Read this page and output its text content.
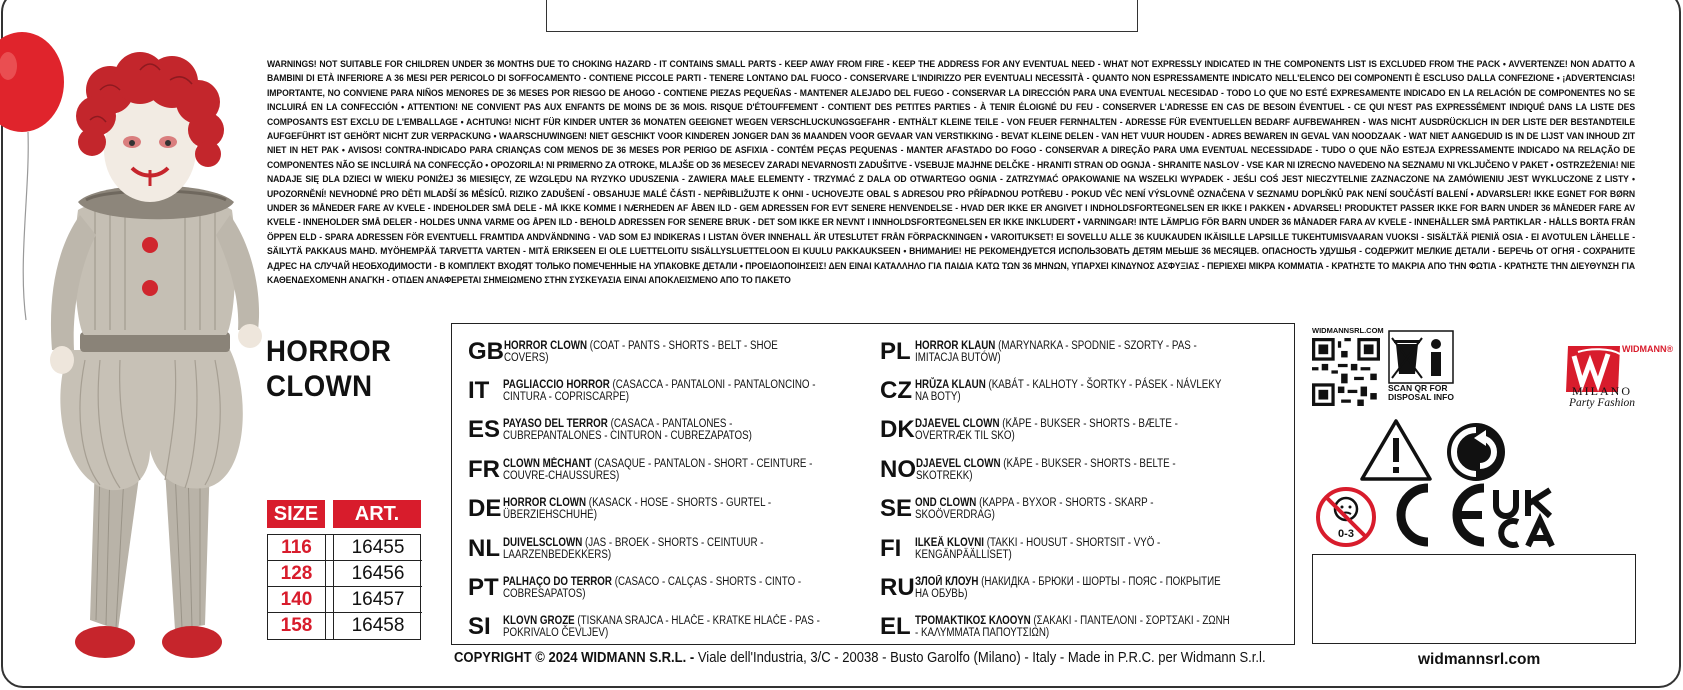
WARNINGS! NOT SUITABLE FOR CHILDREN UNDER 36 MONTHS DUE TO CHOKING HAZARD - IT CONTAINS SMALL PARTS - KEEP AWAY FROM FIRE - KEEP THE ADDRESS FOR ANY EVENTUAL NEED - WHAT NOT EXPRESSLY INDICATED IN THE COMPONENTS LIST IS EXCLUDED FROM THE PACK • AVVERTENZE! NON ADATTO A BAMBINI DI ETÀ INFERIORE A 36 MESI PER PERICOLO DI SOFFOCAMENTO - CONTIENE PICCOLE PARTI - TENERE LONTANO DAL FUOCO - CONSERVARE L'INDIRIZZO PER EVENTUALI NECESSITÀ - QUANTO NON ESPRESSAMENTE INDICATO NELL'ELENCO DEI COMPONENTI È ESCLUSO DALLA CONFEZIONE • ¡ADVERTENCIAS! IMPORTANTE, NO CONVIENE PARA NIÑOS MENORES DE 36 MESES POR RIESGO DE AHOGO - CONTIENE PIEZAS PEQUEÑAS - MANTENER ALEJADO DEL FUEGO - CONSERVAR LA DIRECCIÓN PARA UNA EVENTUAL NECESIDAD - TODO LO QUE NO ESTÉ EXPRESAMENTE INDICADO EN LA RELACIÓN DE COMPONENTES NO SE INCLUIRÁ EN LA CONFECCIÓN • ATTENTION! NE CONVIENT PAS AUX ENFANTS DE MOINS DE 36 MOIS. RISQUE D'ÉTOUFFEMENT - CONTIENT DES PETITES PARTIES - À TENIR ÉLOIGNÉ DU FEU - CONSERVER L'ADRESSE EN CAS DE BESOIN ÉVENTUEL - CE QUI N'EST PAS EXPRESSÉMENT INDIQUÉ DANS LA LISTE DES COMPOSANTS EST EXCLU DE L'EMBALLAGE • ACHTUNG! NICHT FÜR KINDER UNTER 36 MONATEN GEEIGNET WEGEN VERSCHLUCKUNGSGEFAHR - ENTHÄLT KLEINE TEILE - VON FEUER FERNHALTEN - ADRESSE FÜR EVENTUELLEN BEDARF AUFBEWAHREN - WAS NICHT AUSDRÜCKLICH IN DER LISTE DER BESTANDTEILE AUFGEFÜHRT IST GEHÖRT NICHT ZUR VERPACKUNG • WAARSCHUWINGEN! NIET GESCHIKT VOOR KINDEREN JONGER DAN 36 MAANDEN VOOR GEVAAR VAN VERSTIKKING - BEVAT KLEINE DELEN - VAN HET VUUR HOUDEN - ADRES BEWAREN IN GEVAL VAN NOODZAAK - WAT NIET AANGEDUID IS IN DE LIJST VAN INHOUD ZIT NIET IN HET PAK • AVISOS! CONTRA-INDICADO PARA CRIANÇAS COM MENOS DE 36 MESES POR PERIGO DE ASFIXIA - CONTÉM PEÇAS PEQUENAS - MANTER AFASTADO DO FOGO - CONSERVAR A DIREÇÃO PARA UMA EVENTUAL NECESSIDADE - TUDO O QUE NÃO ESTEJA EXPRESSAMENTE INDICADO NA RELAÇÃO DE COMPONENTES NÃO SE INCLUIRÁ NA CONFECÇÃO • OPOZORILA! NI PRIMERNO ZA OTROKE, MLAJŠE OD 36 MESECEV ZARADI NEVARNOSTI ZADUŠITVE - VSEBUJE MAJHNE DELČKE - HRANITI STRAN OD OGNJA - SHRANITE NASLOV - VSE KAR NI IZRECNO NAVEDENO NA SEZNAMU NI VKLJUČENO V PAKET • OSTRZEŻENIA! NIE NADAJE SIĘ DLA DZIECI W WIEKU PONIŻEJ 36 MIESIĘCY, ZE WZGLĘDU NA RYZYKO UDUSZENIA - ZAWIERA MAŁE ELEMENTY - TRZYMAĆ Z DALA OD OTWARTEGO OGNIA - ZATRZYMAĆ OPAKOWANIE NA WSZELKI WYPADEK - JEŚLI COŚ JEST NIECZYTELNIE ZAZNACZONE NA ZAMÓWIENIU JEST WYKLUCZONE Z LISTY • UPOZORNĚNÍ! NEVHODNÉ PRO DĚTI MLADŠÍ 36 MĚSÍCŮ. RIZIKO ZADUŠENÍ - OBSAHUJE MALÉ ČÁSTI - NEPŘIBLIŽUJTE K OHNI - UCHOVEJTE OBAL S ADRESOU PRO PŘÍPADNOU POTŘEBU - POKUD VĚC NENÍ VÝSLOVNĚ OZNAČENA V SEZNAMU DOPLŇKŮ PAK NENÍ SOUČÁSTÍ BALENÍ • ADVARSLER! IKKE EGNET FOR BØRN UNDER 36 MÅNEDER FARE AV KVELE - INDEHOLDER SMÅ DELE - MÅ IKKE KOMME I NÆRHEDEN AF ÅBEN ILD - GEM ADRESSEN FOR EVT SENERE HENVENDELSE - HVAD DER IKKE ER ANGIVET I INDHOLDSFORTEGNELSEN ER IKKE I PAKKEN • ADVARSEL! PRODUKTET PASSER IKKE FOR BARN UNDER 36 MÅNEDER FARE AV KVELE - INNEHOLDER SMÅ DELER - HOLDES UNNA VARME OG ÅPEN ILD - BEHOLD ADRESSEN FOR SENERE BRUK - DET SOM IKKE ER NEVNT I INNHOLDSFORTEGNELSEN ER IKKE INKLUDERT • VARNINGAR! INTE LÄMPLIG FÖR BARN UNDER 36 MÅNADER FARA AV KVELE - INNEHÅLLER SMÅ PARTIKLAR - HÅLLS BORTA FRÅN ÖPPEN ELD - SPARA ADRESSEN FÖR EVENTUELL FRAMTIDA ANDVÄNDNING - VAD SOM EJ INDIKERAS I LISTAN ÖVER INNEHALL ÄR UTESLUTET FRÅN FÖRPACKNINGEN • VAROITUKSET! EI SOVELLU ALLE 36 KUUKAUDEN IKÄISILLE LAPSILLE TUKEHTUMISVAARAN VUOKSI - SISÄLTÄÄ PIENIÄ OSIA - EI AVOTULEN LÄHELLE - SÄILYTÄ PAKKAUS MAHD. MYÖHEMPÄÄ TARVETTA VARTEN - MITÄ ERIKSEEN EI OLE LUETTELOITU SISÄLLYSLUETTELOON EI KUULU PAKKAUKSEEN • ВНИМАНИЕ! НЕ РЕКОМЕНДУЕТСЯ ИСПОЛЬЗОВАТЬ ДЕТЯМ МЕЬШЕ 36 МЕСЯЦЕВ. ОПАСНОСТЬ УДУШЬЯ - СОДЕРЖИТ МЕЛКИЕ ДЕТАЛИ - БЕРЕЧЬ ОТ ОГНЯ - СОХРАНИТЕ АДРЕС НА СЛУЧАЙ НЕОБХОДИМОСТИ - В КОМПЛЕКТ ВХОДЯТ ТОЛЬКО ПОМЕЧЕННЫЕ НА УПАКОВКЕ ДЕТАЛИ • ΠΡΟΕΙΔΟΠΟΙΗΣΕΙΣ! ΔΕΝ ΕΙΝΑΙ ΚΑΤΑΛΛΗΛΟ ΓΙΑ ΠΑΙΔΙΑ ΚΑΤΩ ΤΩΝ 36 ΜΗΝΩΝ, ΥΠΑΡΧΕΙ ΚΙΝΔΥΝΟΣ ΑΣΦΥΞΙΑΣ - ΠΕΡΙΕΧΕΙ ΜΙΚΡΑ ΚΟΜΜΑΤΙΑ - ΚΡΑΤΗΣΤΕ ΤΟ ΜΑΚΡΙΑ ΑΠΟ ΤΗΝ ΦΩΤΙΑ - ΚΡΑΤΗΣΤΕ ΤΗΝ ΔΙΕΥΘΥΝΣΗ ΓΙΑ ΚΑΘΕΝΔΕΧΟΜΕΝΗ ΑΝΑΓΚΗ - ΟΤΙΔΕΝ ΑΝΑΦΕΡΕΤΑΙ ΣΗΜΕΙΩΜΕΝΟ ΣΤΗΝ ΣΥΣΚΕΥΑΣΙΑ ΕΙΝΑΙ ΑΠΟΚΛΕΙΣΜΕΝΟ ΑΠΟ ΤΟ ΠΑΚΕΤΟ

HORROR
CLOWN
SIZE	ART.
116	16455
128	16456
140	16457
158	16458
GB HORROR CLOWN (COAT - PANTS - SHORTS - BELT - SHOE COVERS)
IT	PAGLIACCIO HORROR (CASACCA - PANTALONI - PANTALONCINO - CINTURA - COPRISCARPE)
ES PAYASO DEL TERROR (CASACA - PANTALONES - CUBREPANTALONES - CINTURON - CUBREZAPATOS)
FR CLOWN MÉCHANT (CASAQUE - PANTALON - SHORT - CEINTURE - COUVRE-CHAUSSURES)
DE HORROR CLOWN (KASACK - HOSE - SHORTS - GÜRTEL - ÜBERZIEHSCHUHE)
NL DUIVELSCLOWN (JAS - BROEK - SHORTS - CEINTUUR - LAARZENBEDEKKERS)
PT PALHAÇO DO TERROR (CASACO - CALÇAS - SHORTS - CINTO - COBRESAPATOS)
SI	KLOVN GROZE (TISKANA SRAJCA - HLAČE - KRATKE HLAČE - PAS - POKRIVALO ČEVLJEV)
PL HORROR KLAUN (MARYNARKA - SPODNIE - SZORTY - PAS - IMITACJA BUTÓW)
CZ HRŮZA KLAUN (KABÁT - KALHOTY - ŠORTKY - PÁSEK - NÁVLEKY NA BOTY)
DK DJAEVEL CLOWN (KÅPE - BUKSER - SHORTS - BÆLTE - OVERTRÆK TIL SKO)
NO DJAEVEL CLOWN (KÅPE - BUKSER - SHORTS - BELTE - SKOTREKK)
SE OND CLOWN (KAPPA - BYXOR - SHORTS - SKÄRP - SKOÖVERDRAG)
FI	ILKEÄ KLOVNI (TAKKI - HOUSUT - SHORTSIT - VYÖ - KENGÄNPÄÄLLISET)
RU ЗЛОЙ КЛОУН (НАКИДКА - БРЮКИ - ШОРТЫ - ПОЯС - ПОКРЫТИЕ НА ОБУВЬ)
EL ΤΡΟΜΑΚΤΙΚΟΣ ΚΛΟΟΥΝ (ΣΑΚΑΚΙ - ΠΑΝΤΕΛΟΝΙ - ΣΟΡΤΣΑΚΙ - ΖΩΝΗ - ΚΑΛΥΜΜΑΤΑ ΠΑΠΟΥΤΣΙΩΝ)
WIDMANNSRL.COM
SCAN QR FOR DISPOSAL INFO
WIDMANN®
MILANO
Party Fashion
0-3
COPYRIGHT © 2024 WIDMANN S.R.L. - Viale dell'Industria, 3/C - 20038 - Busto Garolfo (Milano) - Italy - Made in P.R.C. per Widmann S.r.l.	widmannsrl.com
